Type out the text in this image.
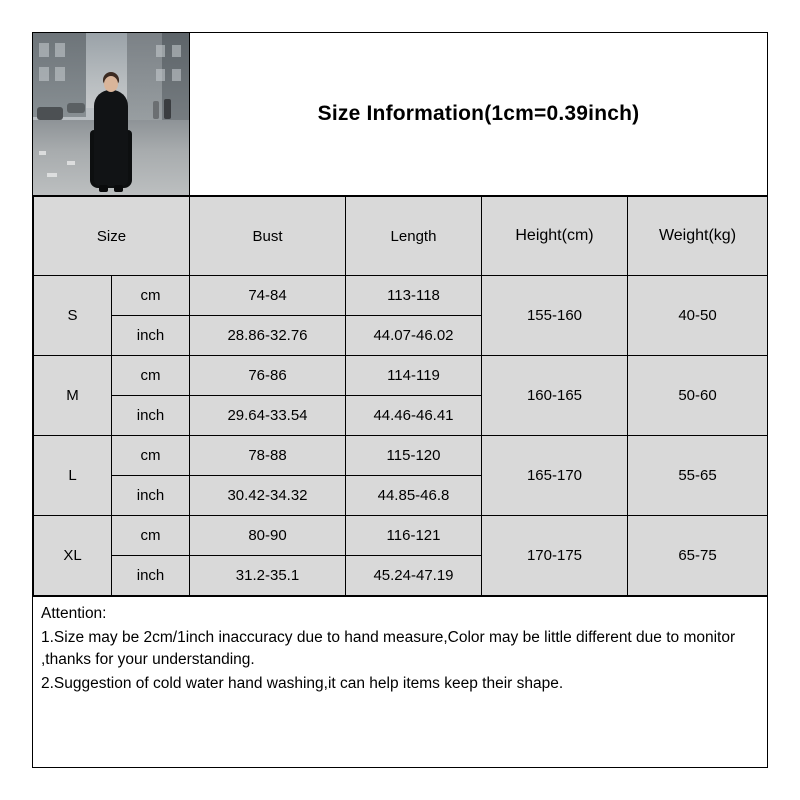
Size Information(1cm=0.39inch)
Size		Bust	Length	Height(cm)	Weight(kg)
S	cm	74-84	113-118	155-160	40-50
	inch	28.86-32.76	44.07-46.02		
M	cm	76-86	114-119	160-165	50-60
	inch	29.64-33.54	44.46-46.41		
L	cm	78-88	115-120	165-170	55-65
	inch	30.42-34.32	44.85-46.8		
XL	cm	80-90	116-121	170-175	65-75
	inch	31.2-35.1	45.24-47.19		

Attention:

1.Size may be 2cm/1inch inaccuracy due to hand measure,Color may be little different due to monitor ,thanks for your understanding.

2.Suggestion of cold water hand washing,it can help items keep their shape.
